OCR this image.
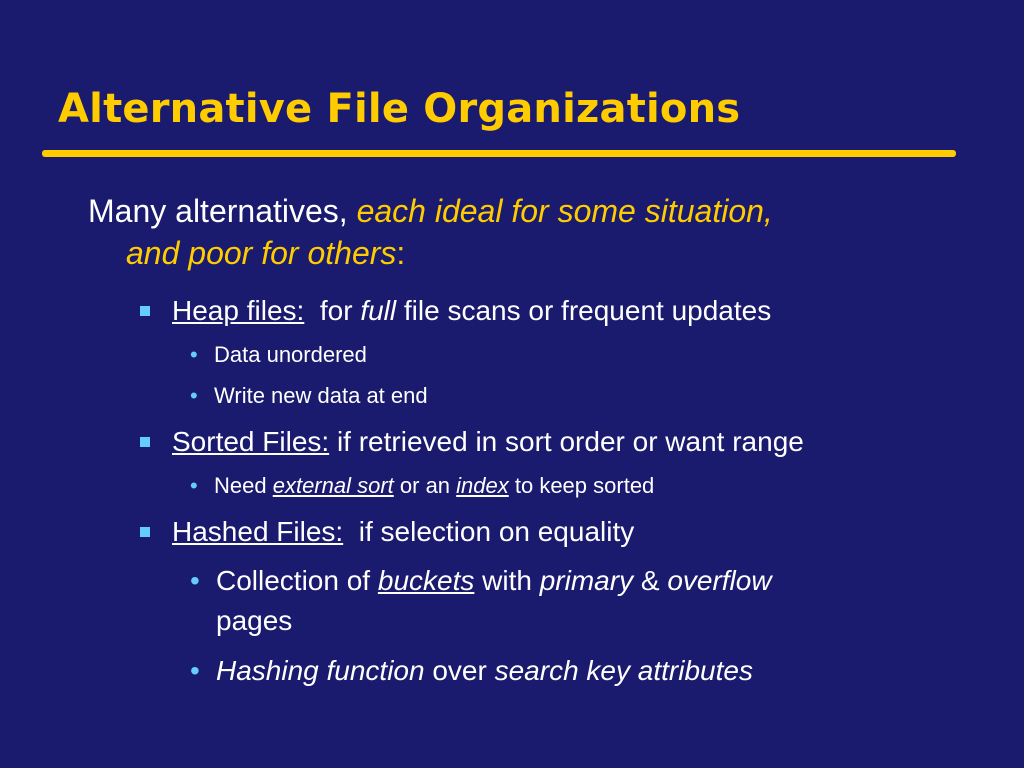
Alternative File Organizations
Many alternatives, each ideal for some situation,
and poor for others:
Heap files:  for full file scans or frequent updates
• Data unordered
• Write new data at end
Sorted Files: if retrieved in sort order or want range
• Need external sort or an index to keep sorted
Hashed Files:  if selection on equality
• Collection of buckets with primary & overflow
pages
• Hashing function over search key attributes
